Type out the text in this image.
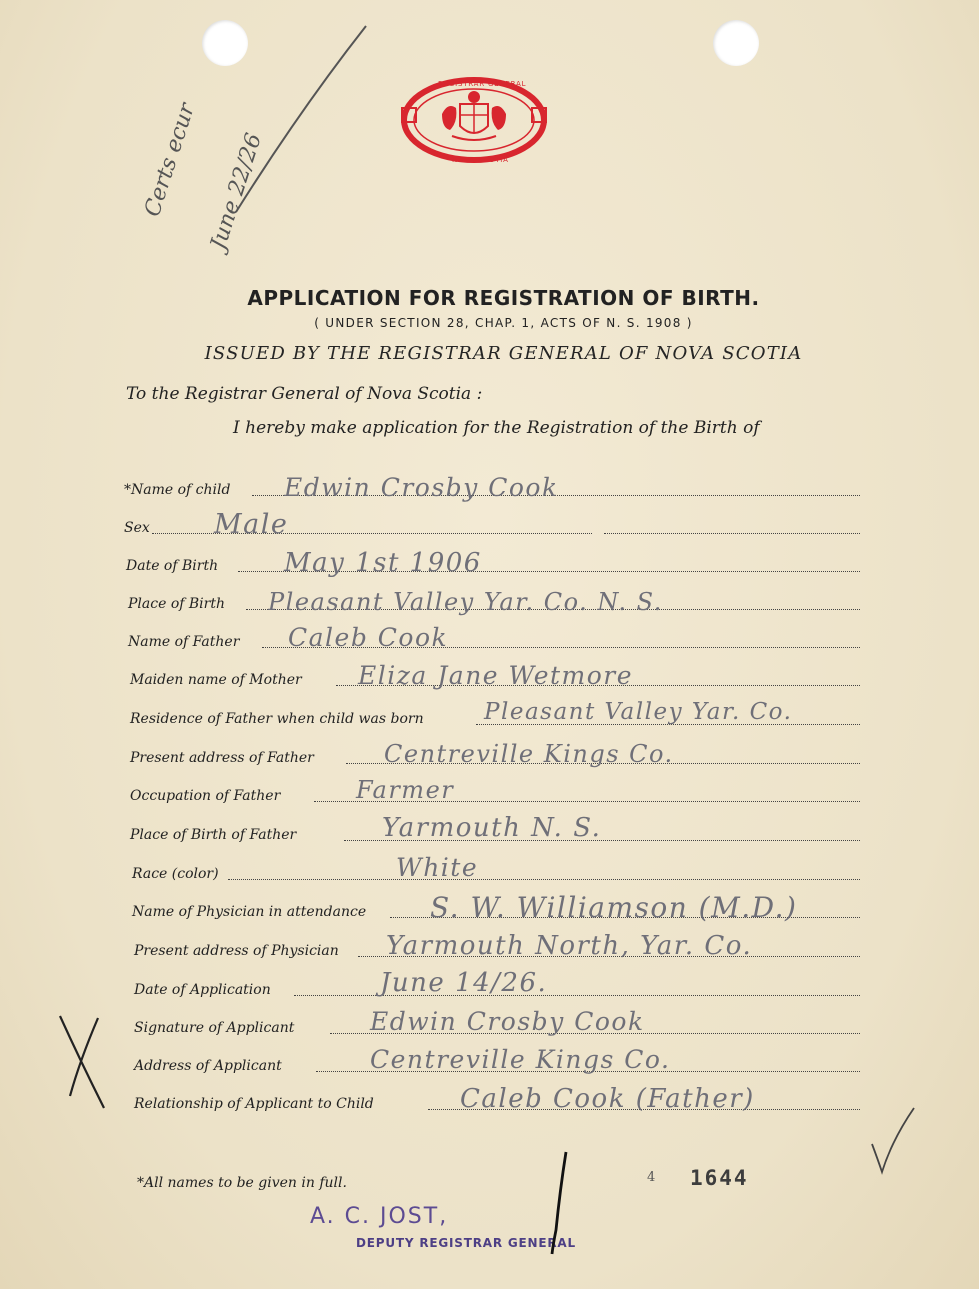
REGISTRAR GENERAL
NOVA SCOTIA
Certs ecur June 22/26
APPLICATION FOR REGISTRATION OF BIRTH.
( UNDER SECTION 28, CHAP. 1, ACTS OF N. S. 1908 )
ISSUED BY THE REGISTRAR GENERAL OF NOVA SCOTIA
To the Registrar General of Nova Scotia :
I hereby make application for the Registration of the Birth of
*Name of child Edwin Crosby Cook
Sex Male
Date of Birth	May 1st 1906
Place of Birth Pleasant Valley Yar. Co. N. S.
Name of Father Caleb Cook
Maiden name of Mother Eliza Jane Wetmore
Residence of Father when child was born	Pleasant Valley Yar. Co.
Present address of Father	Centreville Kings Co.
Occupation of Father	Farmer
Place of Birth of Father	Yarmouth N. S.
Race (color)	White
Name of Physician in attendance S. W. Williamson (M.D.)
Present address of Physician Yarmouth North, Yar. Co.
Date of Application	June 14/26.
Signature of Applicant	Edwin Crosby Cook
Address of Applicant	Centreville Kings Co.
Relationship of Applicant to Child	Caleb Cook (Father)
*All names to be given in full.	4 1644
A. C. JOST,
DEPUTY REGISTRAR GENERAL
